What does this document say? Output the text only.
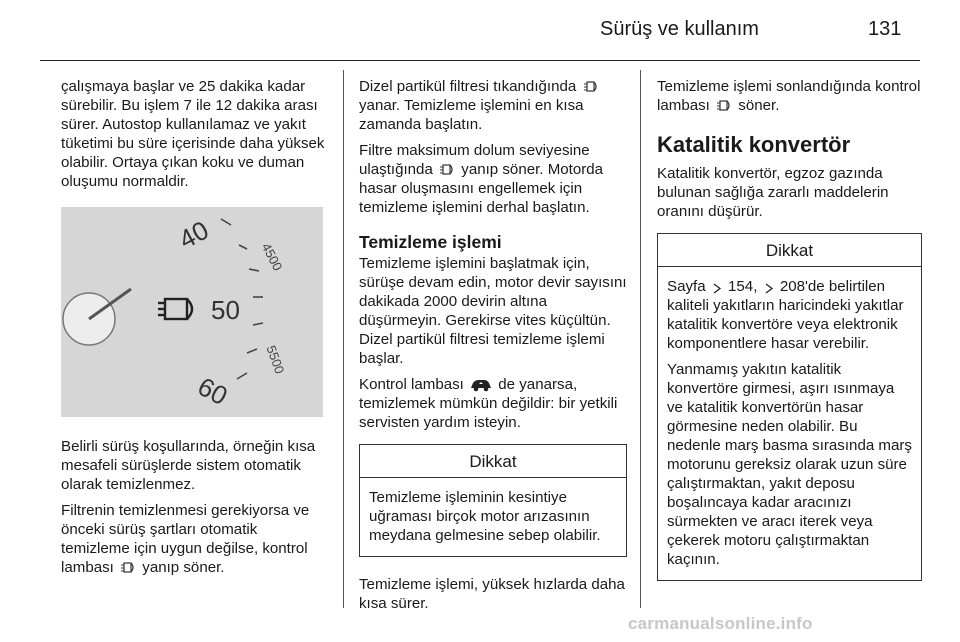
Sürüş ve kullanım	131

çalışmaya başlar ve 25 dakika kadar sürebilir. Bu işlem 7 ile 12 dakika arası sürer. Autostop kullanılamaz ve yakıt tüketimi bu süre içerisinde daha yüksek olabilir. Ortaya çıkan koku ve duman oluşumu normaldir.

40
50
60
4500
5500

Belirli sürüş koşullarında, örneğin kısa mesafeli sürüşlerde sistem otomatik olarak temizlenmez.

Filtrenin temizlenmesi gerekiyorsa ve önceki sürüş şartları otomatik temizleme için uygun değilse, kontrol lambası yanıp söner.

Dizel partikül filtresi tıkandığında  yanar. Temizleme işlemini en kısa zamanda başlatın.

Filtre maksimum dolum seviyesine ulaştığında yanıp söner. Motorda hasar oluşmasını engellemek için temizleme işlemini derhal başlatın.

Temizleme işlemi

Temizleme işlemini başlatmak için, sürüşe devam edin, motor devir sayısını dakikada 2000 devirin altına düşürmeyin. Gerekirse vites küçültün. Dizel partikül filtresi temizleme işlemi başlar.

Kontrol lambası de yanarsa, temizlemek mümkün değildir: bir yetkili servisten yardım isteyin.

Dikkat

Temizleme işleminin kesintiye uğraması birçok motor arızasının meydana gelmesine sebep olabilir.

Temizleme işlemi, yüksek hızlarda daha kısa sürer.

Temizleme işlemi sonlandığında kontrol lambası söner.

Katalitik konvertör

Katalitik konvertör, egzoz gazında bulunan sağlığa zararlı maddelerin oranını düşürür.

Dikkat

Sayfa 154, 208'de belirtilen kaliteli yakıtların haricindeki yakıtlar katalitik konvertöre veya elektronik komponentlere hasar verebilir.

Yanmamış yakıtın katalitik konvertöre girmesi, aşırı ısınmaya ve katalitik konvertörün hasar görmesine neden olabilir. Bu nedenle marş basma sırasında marş motorunu gereksiz olarak uzun süre çalıştırmaktan, yakıt deposu boşalıncaya kadar aracınızı sürmekten ve aracı iterek veya çekerek motoru çalıştırmaktan kaçının.

carmanualsonline.info
